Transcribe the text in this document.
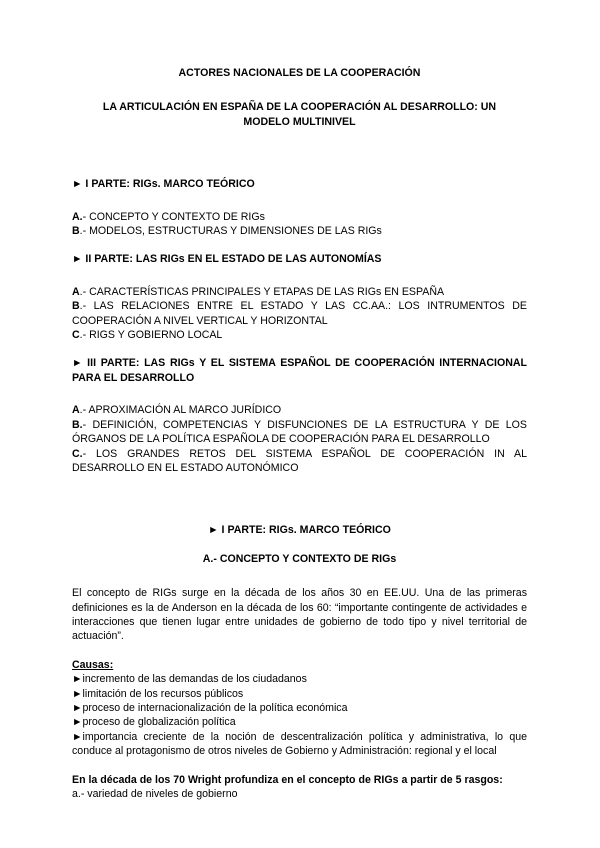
ACTORES NACIONALES DE LA COOPERACIÓN

LA ARTICULACIÓN EN ESPAÑA DE LA COOPERACIÓN AL DESARROLLO: UN MODELO MULTINIVEL

► I PARTE: RIGs. MARCO TEÓRICO

A.- CONCEPTO Y CONTEXTO DE RIGs

B.- MODELOS, ESTRUCTURAS Y DIMENSIONES DE LAS RIGs

► II PARTE: LAS RIGs EN EL ESTADO DE LAS AUTONOMÍAS

A.- CARACTERÍSTICAS PRINCIPALES Y ETAPAS DE LAS RIGs EN ESPAÑA

B.- LAS RELACIONES ENTRE EL ESTADO Y LAS CC.AA.: LOS INTRUMENTOS DE COOPERACIÓN A NIVEL VERTICAL Y HORIZONTAL

C.- RIGS Y GOBIERNO LOCAL

► III PARTE: LAS RIGs Y EL SISTEMA ESPAÑOL DE COOPERACIÓN INTERNACIONAL PARA EL DESARROLLO

A.- APROXIMACIÓN AL MARCO JURÍDICO

B.- DEFINICIÓN, COMPETENCIAS Y DISFUNCIONES DE LA ESTRUCTURA Y DE LOS ÓRGANOS DE LA POLÍTICA ESPAÑOLA DE COOPERACIÓN PARA EL DESARROLLO

C.- LOS GRANDES RETOS DEL SISTEMA ESPAÑOL DE COOPERACIÓN IN AL DESARROLLO EN EL ESTADO AUTONÓMICO

► I PARTE: RIGs. MARCO TEÓRICO

A.- CONCEPTO Y CONTEXTO DE RIGs

El concepto de RIGs surge en la década de los años 30 en EE.UU. Una de las primeras definiciones es la de Anderson en la década de los 60: “importante contingente de actividades e interacciones que tienen lugar entre unidades de gobierno de todo tipo y nivel territorial de actuación”.

Causas:

►incremento de las demandas de los ciudadanos

►limitación de los recursos públicos

►proceso de internacionalización de la política económica

►proceso de globalización política

►importancia creciente de la noción de descentralización política y administrativa, lo que conduce al protagonismo de otros niveles de Gobierno y Administración: regional y el local

En la década de los 70 Wright profundiza en el concepto de RIGs a partir de 5 rasgos:

a.- variedad de niveles de gobierno
